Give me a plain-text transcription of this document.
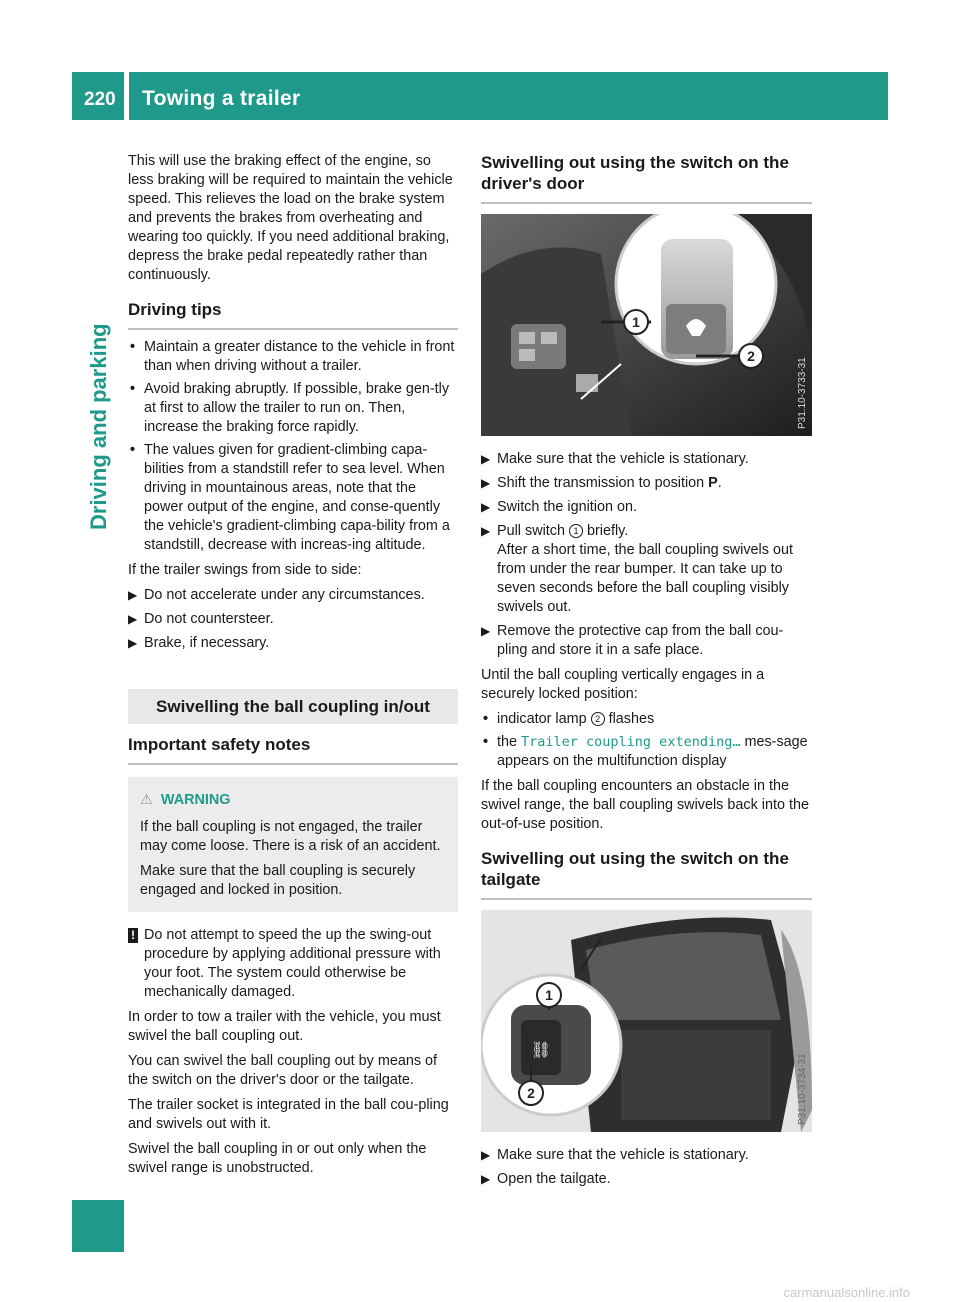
220 Towing a trailer
Driving and parking

This will use the braking effect of the engine, so less braking will be required to maintain the vehicle speed. This relieves the load on the brake system and prevents the brakes from overheating and wearing too quickly. If you need additional braking, depress the brake pedal repeatedly rather than continuously.

Driving tips
• Maintain a greater distance to the vehicle in front than when driving without a trailer.
• Avoid braking abruptly. If possible, brake gen-tly at first to allow the trailer to run on. Then, increase the braking force rapidly.
• The values given for gradient-climbing capa-bilities from a standstill refer to sea level. When driving in mountainous areas, note that the power output of the engine, and conse-quently the vehicle's gradient-climbing capa-bility from a standstill, decrease with increas-ing altitude.

If the trailer swings from side to side:

▶ Do not accelerate under any circumstances.
▶ Do not countersteer.
▶ Brake, if necessary.
Swivelling the ball coupling in/out
Important safety notes
⚠ WARNING

If the ball coupling is not engaged, the trailer may come loose. There is a risk of an accident.

Make sure that the ball coupling is securely engaged and locked in position.

! Do not attempt to speed the up the swing-out procedure by applying additional pressure with your foot. The system could otherwise be mechanically damaged.

In order to tow a trailer with the vehicle, you must swivel the ball coupling out.

You can swivel the ball coupling out by means of the switch on the driver's door or the tailgate.

The trailer socket is integrated in the ball cou-pling and swivels out with it.

Swivel the ball coupling in or out only when the swivel range is unobstructed.

Swivelling out using the switch on the driver's door
1
2
P31.10-3733-31
▶ Make sure that the vehicle is stationary.
▶ Shift the transmission to position P.
▶ Switch the ignition on.
▶ Pull switch 1 briefly.
After a short time, the ball coupling swivels out from under the rear bumper. It can take up to seven seconds before the ball coupling visibly swivels out.
▶ Remove the protective cap from the ball cou-pling and store it in a safe place.

Until the ball coupling vertically engages in a securely locked position:

• indicator lamp 2 flashes
• the Trailer coupling extending… mes-sage appears on the multifunction display

If the ball coupling encounters an obstacle in the swivel range, the ball coupling swivels back into the out-of-use position.

Swivelling out using the switch on the tailgate
⛓
1
2	P31.10-3734-31
▶ Make sure that the vehicle is stationary.
▶ Open the tailgate.
carmanualsonline.info
